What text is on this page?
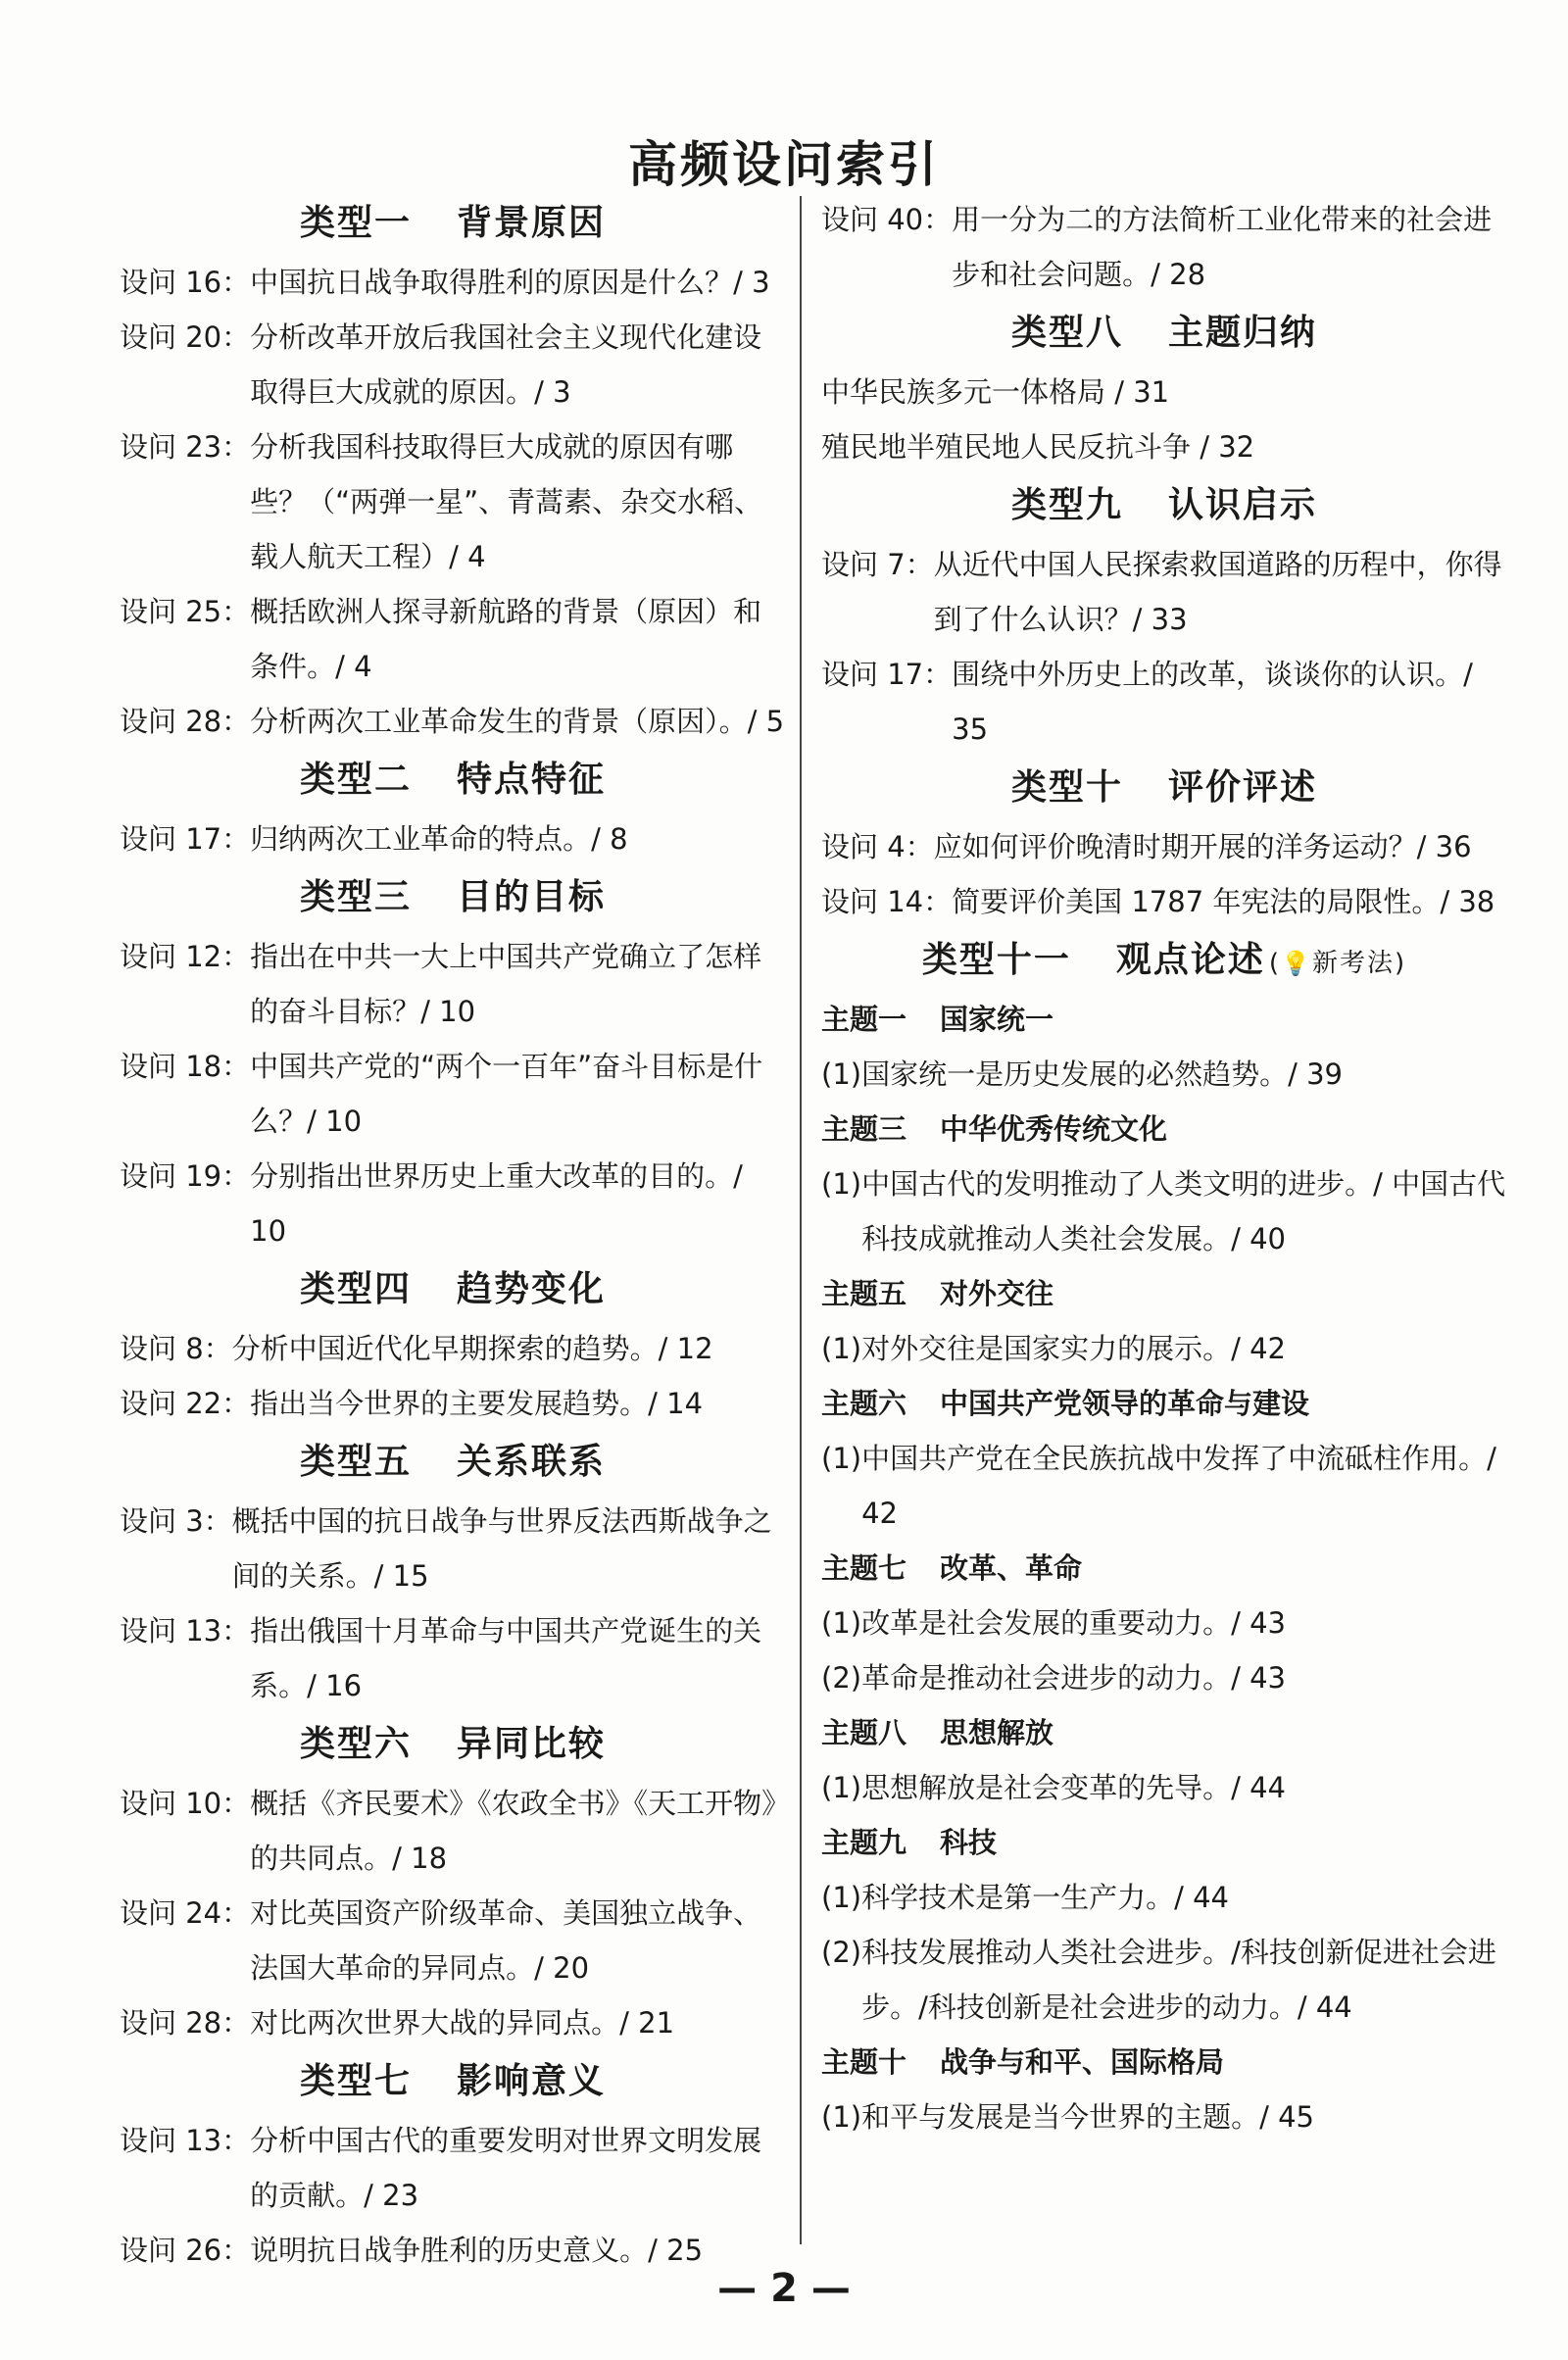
高频设问索引
类型一 背景原因
设问 16： 中国抗日战争取得胜利的原因是什么？/ 3
设问 20： 分析改革开放后我国社会主义现代化建设取得巨大成就的原因。/ 3
设问 23： 分析我国科技取得巨大成就的原因有哪些？（“两弹一星”、青蒿素、杂交水稻、载人航天工程）/ 4
设问 25： 概括欧洲人探寻新航路的背景（原因）和条件。/ 4
设问 28： 分析两次工业革命发生的背景（原因）。/ 5
类型二 特点特征
设问 17： 归纳两次工业革命的特点。/ 8
类型三 目的目标
设问 12： 指出在中共一大上中国共产党确立了怎样的奋斗目标？/ 10
设问 18： 中国共产党的“两个一百年”奋斗目标是什么？/ 10
设问 19： 分别指出世界历史上重大改革的目的。/ 10
类型四 趋势变化
设问 8： 分析中国近代化早期探索的趋势。/ 12
设问 22： 指出当今世界的主要发展趋势。/ 14
类型五 关系联系
设问 3： 概括中国的抗日战争与世界反法西斯战争之间的关系。/ 15
设问 13： 指出俄国十月革命与中国共产党诞生的关系。/ 16
类型六 异同比较
设问 10： 概括《齐民要术》《农政全书》《天工开物》的共同点。/ 18
设问 24： 对比英国资产阶级革命、美国独立战争、法国大革命的异同点。/ 20
设问 28： 对比两次世界大战的异同点。/ 21
类型七 影响意义
设问 13： 分析中国古代的重要发明对世界文明发展的贡献。/ 23
设问 26： 说明抗日战争胜利的历史意义。/ 25
设问 40： 用一分为二的方法简析工业化带来的社会进步和社会问题。/ 28
类型八 主题归纳
中华民族多元一体格局 / 31
殖民地半殖民地人民反抗斗争 / 32
类型九 认识启示
设问 7： 从近代中国人民探索救国道路的历程中，你得到了什么认识？/ 33
设问 17： 围绕中外历史上的改革，谈谈你的认识。/ 35
类型十 评价评述
设问 4： 应如何评价晚清时期开展的洋务运动？/ 36
设问 14： 简要评价美国 1787 年宪法的局限性。/ 38
类型十一 观点论述 (💡新考法)
主题一 国家统一
(1) 国家统一是历史发展的必然趋势。/ 39
主题三 中华优秀传统文化
(1) 中国古代的发明推动了人类文明的进步。/ 中国古代科技成就推动人类社会发展。/ 40
主题五 对外交往
(1) 对外交往是国家实力的展示。/ 42
主题六 中国共产党领导的革命与建设
(1) 中国共产党在全民族抗战中发挥了中流砥柱作用。/ 42
主题七 改革、革命
(1) 改革是社会发展的重要动力。/ 43
(2) 革命是推动社会进步的动力。/ 43
主题八 思想解放
(1) 思想解放是社会变革的先导。/ 44
主题九 科技
(1) 科学技术是第一生产力。/ 44
(2) 科技发展推动人类社会进步。/科技创新促进社会进步。/科技创新是社会进步的动力。/ 44
主题十 战争与和平、国际格局
(1) 和平与发展是当今世界的主题。/ 45
— 2 —
